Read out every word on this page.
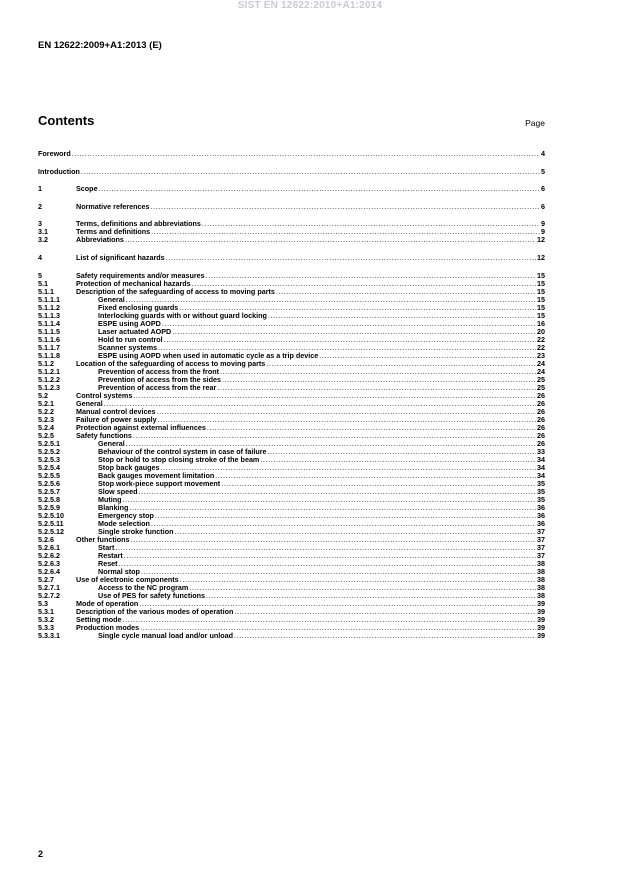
SIST EN 12622:2010+A1:2014
EN 12622:2009+A1:2013 (E)
Contents	Page
Foreword .....	4
Introduction .....	5
1	Scope .....	6
2	Normative references .....	6
3	Terms, definitions and abbreviations .....	9
3.1	Terms and definitions .....	9
3.2	Abbreviations .....	12
4	List of significant hazards .....	12
5	Safety requirements and/or measures .....	15
5.1	Protection of mechanical hazards .....	15
5.1.1	Description of the safeguarding of access to moving parts .....	15
5.1.1.1	General .....	15
5.1.1.2	Fixed enclosing guards .....	15
5.1.1.3	Interlocking guards with or without guard locking .....	15
5.1.1.4	ESPE using AOPD .....	16
5.1.1.5	Laser actuated AOPD .....	20
5.1.1.6	Hold to run control .....	22
5.1.1.7	Scanner systems .....	22
5.1.1.8	ESPE using AOPD when used in automatic cycle as a trip device .....	23
5.1.2	Location of the safeguarding of access to moving parts .....	24
5.1.2.1	Prevention of access from the front .....	24
5.1.2.2	Prevention of access from the sides .....	25
5.1.2.3	Prevention of access from the rear .....	25
5.2	Control systems .....	26
5.2.1	General .....	26
5.2.2	Manual control devices .....	26
5.2.3	Failure of power supply .....	26
5.2.4	Protection against external influences .....	26
5.2.5	Safety functions .....	26
5.2.5.1	General .....	26
5.2.5.2	Behaviour of the control system in case of failure .....	33
5.2.5.3	Stop or hold to stop closing stroke of the beam .....	34
5.2.5.4	Stop back gauges .....	34
5.2.5.5	Back gauges movement limitation .....	34
5.2.5.6	Stop work-piece support movement .....	35
5.2.5.7	Slow speed .....	35
5.2.5.8	Muting .....	35
5.2.5.9	Blanking .....	36
5.2.5.10	Emergency stop .....	36
5.2.5.11	Mode selection .....	36
5.2.5.12	Single stroke function .....	37
5.2.6	Other functions .....	37
5.2.6.1	Start .....	37
5.2.6.2	Restart .....	37
5.2.6.3	Reset .....	38
5.2.6.4	Normal stop .....	38
5.2.7	Use of electronic components .....	38
5.2.7.1	Access to the NC program .....	38
5.2.7.2	Use of PES for safety functions .....	38
5.3	Mode of operation .....	39
5.3.1	Description of the various modes of operation .....	39
5.3.2	Setting mode .....	39
5.3.3	Production modes .....	39
5.3.3.1	Single cycle manual load and/or unload .....	39
2
